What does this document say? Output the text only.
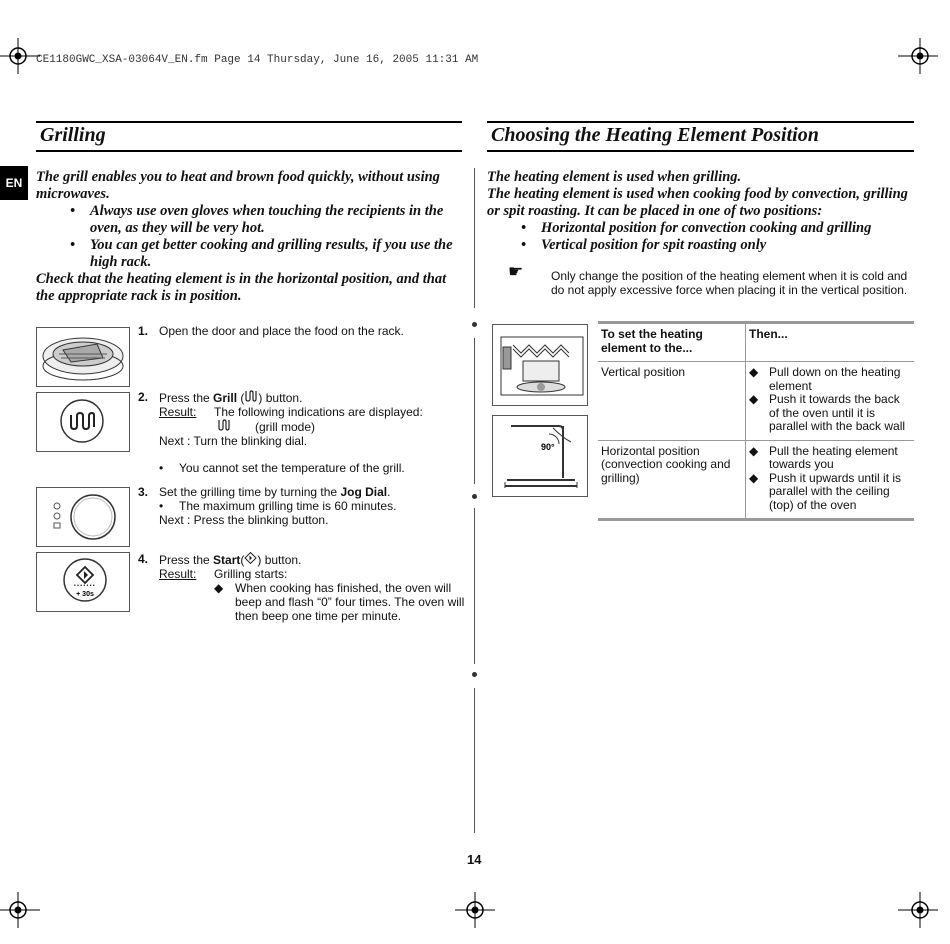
CE1180GWC_XSA-03064V_EN.fm Page 14 Thursday, June 16, 2005 11:31 AM
EN
Grilling
The grill enables you to heat and brown food quickly, without using microwaves.
• Always use oven gloves when touching the recipients in the oven, as they will be very hot.
• You can get better cooking and grilling results, if you use the high rack.
Check that the heating element is in the horizontal position, and that the appropriate rack is in position.
• • • • • • •
+ 30s
1. Open the door and place the food on the rack.
2. Press the Grill ( ) button.
Result: The following indications are displayed:
(grill mode)
Next : Turn the blinking dial.
•	You cannot set the temperature of the grill.
3. Set the grilling time by turning the Jog Dial.
•	The maximum grilling time is 60 minutes.
Next : Press the blinking button.
4. Press the Start( ) button.
Result: Grilling starts:
◆ When cooking has finished, the oven will beep and flash “0” four times. The oven will then beep one time per minute.
Choosing the Heating Element Position
The heating element is used when grilling.
The heating element is used when cooking food by convection, grilling or spit roasting. It can be placed in one of two positions:
• Horizontal position for convection cooking and grilling
• Vertical position for spit roasting only
☛ Only change the position of the heating element when it is cold and do not apply excessive force when placing it in the vertical position.
90°
To set the heating element to the...	Then...
Vertical position	◆ Pull down on the heating element
◆ Push it towards the back of the oven until it is parallel with the back wall

Horizontal position (convection cooking and grilling)	◆ Pull the heating element towards you
◆ Push it upwards until it is parallel with the ceiling (top) of the oven
14
